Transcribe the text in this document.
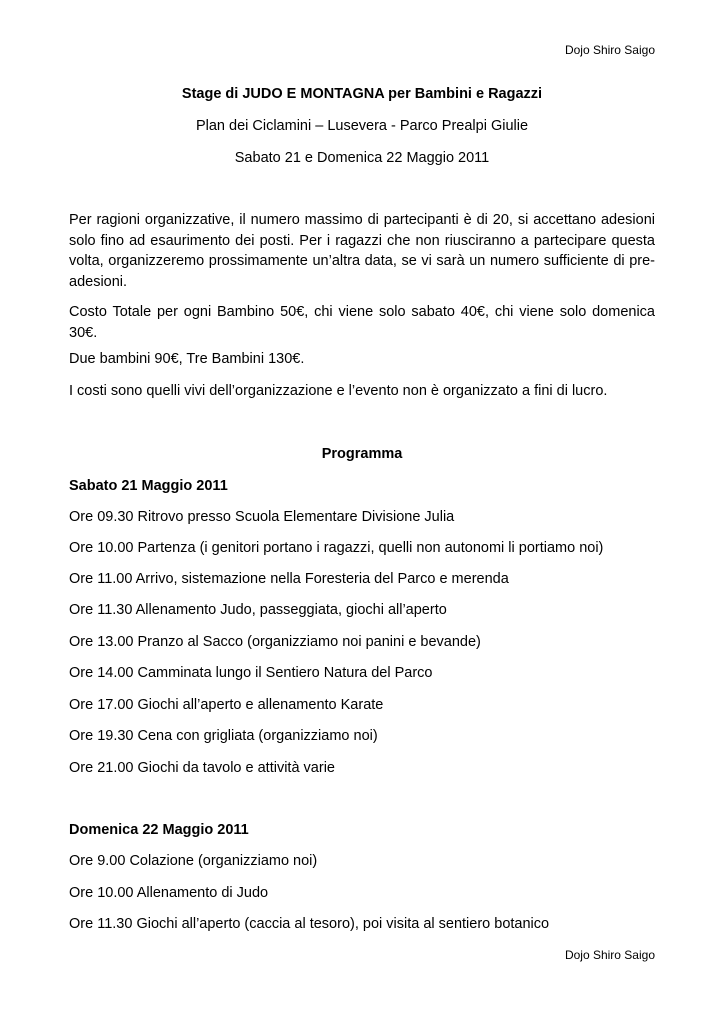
Dojo Shiro Saigo
Stage di JUDO E MONTAGNA per Bambini e Ragazzi
Plan dei Ciclamini – Lusevera - Parco Prealpi Giulie
Sabato 21 e Domenica 22 Maggio 2011
Per ragioni organizzative, il numero massimo di partecipanti è di 20, si accettano adesioni solo fino ad esaurimento dei posti. Per i ragazzi che non riusciranno a partecipare questa volta, organizzeremo prossimamente un’altra data, se vi sarà un numero sufficiente di pre-adesioni.
Costo Totale per ogni Bambino 50€, chi viene solo sabato 40€, chi viene solo domenica 30€.
Due bambini 90€, Tre Bambini 130€.
I costi sono quelli vivi dell’organizzazione e l’evento non è organizzato a fini di lucro.
Programma
Sabato 21 Maggio 2011
Ore 09.30 Ritrovo presso Scuola Elementare Divisione Julia
Ore 10.00 Partenza (i genitori portano i ragazzi, quelli non autonomi li portiamo noi)
Ore 11.00 Arrivo, sistemazione nella Foresteria del Parco e merenda
Ore 11.30 Allenamento Judo, passeggiata, giochi all’aperto
Ore 13.00 Pranzo al Sacco (organizziamo noi panini e bevande)
Ore 14.00 Camminata lungo il Sentiero Natura del Parco
Ore 17.00 Giochi all’aperto e allenamento Karate
Ore 19.30 Cena con grigliata (organizziamo noi)
Ore 21.00 Giochi da tavolo e attività varie
Domenica 22 Maggio 2011
Ore 9.00 Colazione (organizziamo noi)
Ore 10.00 Allenamento di Judo
Ore 11.30 Giochi all’aperto (caccia al tesoro), poi visita al sentiero botanico
Dojo Shiro Saigo
